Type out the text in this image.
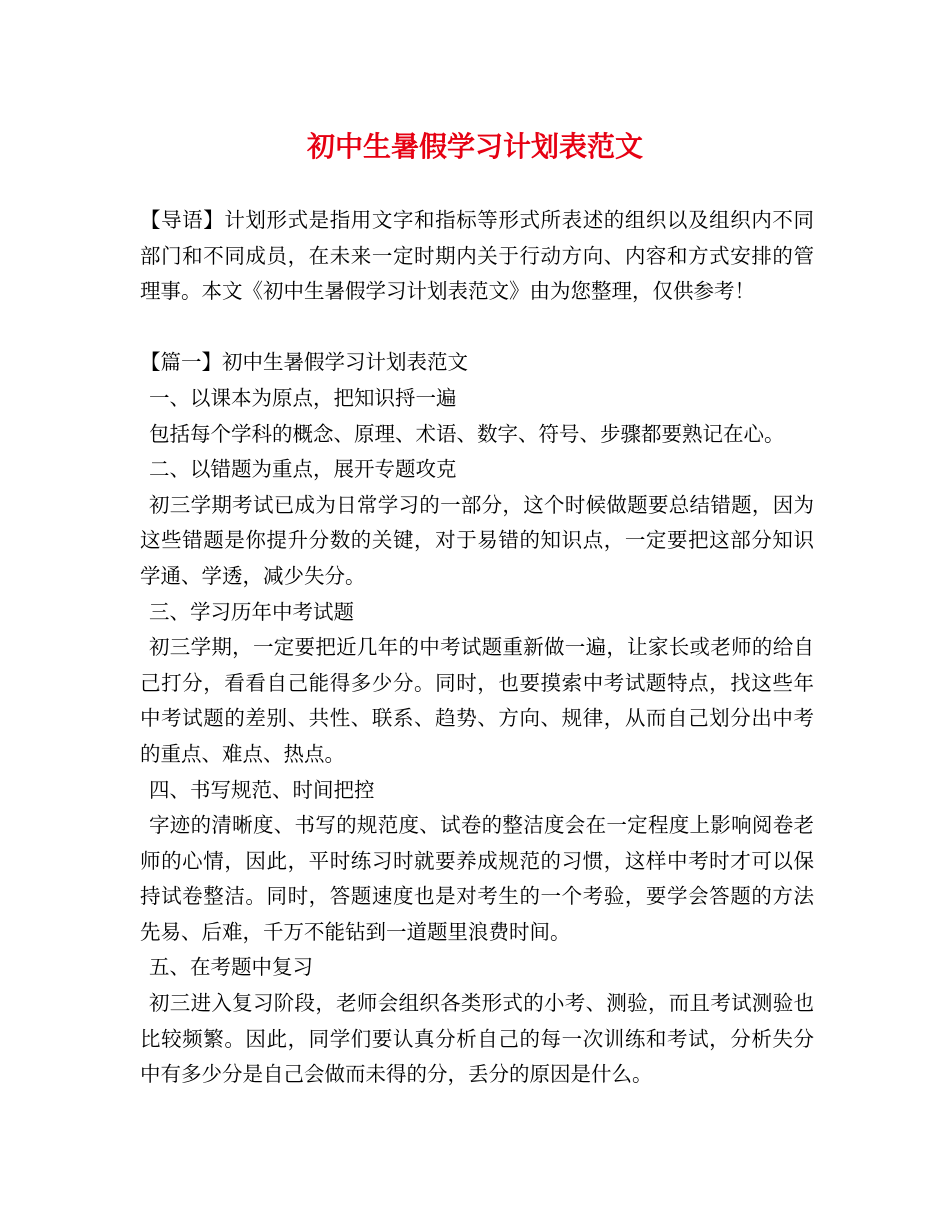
初中生暑假学习计划表范文

【导语】计划形式是指用文字和指标等形式所表述的组织以及组织内不同部门和不同成员，在未来一定时期内关于行动方向、内容和方式安排的管理事。本文《初中生暑假学习计划表范文》由为您整理，仅供参考！

【篇一】初中生暑假学习计划表范文

一、以课本为原点，把知识捋一遍

包括每个学科的概念、原理、术语、数字、符号、步骤都要熟记在心。

二、以错题为重点，展开专题攻克

初三学期考试已成为日常学习的一部分，这个时候做题要总结错题，因为这些错题是你提升分数的关键，对于易错的知识点，一定要把这部分知识学通、学透，减少失分。

三、学习历年中考试题

初三学期，一定要把近几年的中考试题重新做一遍，让家长或老师的给自己打分，看看自己能得多少分。同时，也要摸索中考试题特点，找这些年中考试题的差别、共性、联系、趋势、方向、规律，从而自己划分出中考的重点、难点、热点。

四、书写规范、时间把控

字迹的清晰度、书写的规范度、试卷的整洁度会在一定程度上影响阅卷老师的心情，因此，平时练习时就要养成规范的习惯，这样中考时才可以保持试卷整洁。同时，答题速度也是对考生的一个考验，要学会答题的方法先易、后难，千万不能钻到一道题里浪费时间。

五、在考题中复习

初三进入复习阶段，老师会组织各类形式的小考、测验，而且考试测验也比较频繁。因此，同学们要认真分析自己的每一次训练和考试，分析失分中有多少分是自己会做而未得的分，丢分的原因是什么。
